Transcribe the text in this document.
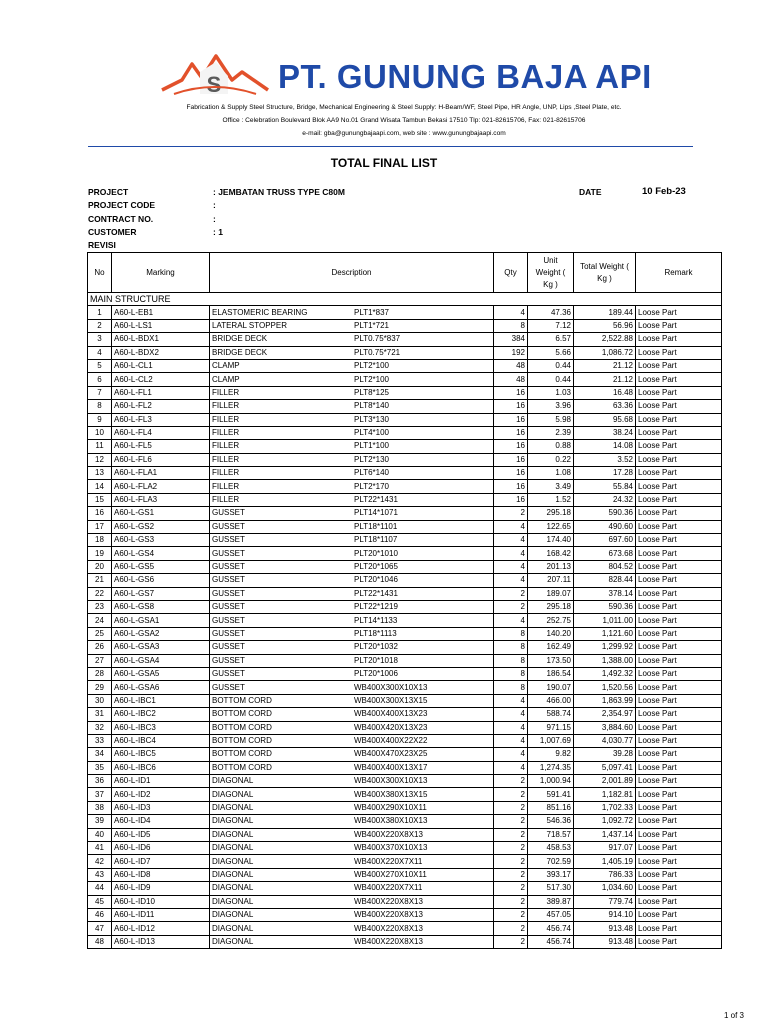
S PT. GUNUNG BAJA API
Fabrication & Supply Steel Structure, Bridge, Mechanical Engineering & Steel Supply: H-Beam/WF, Steel Pipe, HR Angle, UNP, Lips ,Steel Plate, etc.
Office : Celebration Boulevard Blok AA9 No.01 Grand Wisata Tambun Bekasi 17510 Tlp: 021-82615706, Fax: 021-82615706
e-mail: gba@gunungbajaapi.com, web site : www.gunungbajaapi.com
TOTAL FINAL LIST
PROJECT	: JEMBATAN TRUSS TYPE C80M	DATE	10 Feb-23
PROJECT CODE	:
CONTRACT NO.	:
CUSTOMER	: 1
REVISI
No	Marking	Description	Qty	Unit Weight ( Kg )	Total Weight ( Kg )	Remark
MAIN STRUCTURE						
1	A60-L-EB1	ELASTOMERIC BEARING PLT1*837	4	47.36	189.44	Loose Part
2	A60-L-LS1	LATERAL STOPPER PLT1*721	8	7.12	56.96	Loose Part
3	A60-L-BDX1	BRIDGE DECK PLT0.75*837	384	6.57	2,522.88	Loose Part
4	A60-L-BDX2	BRIDGE DECK PLT0.75*721	192	5.66	1,086.72	Loose Part
5	A60-L-CL1	CLAMP PLT2*100	48	0.44	21.12	Loose Part
6	A60-L-CL2	CLAMP PLT2*100	48	0.44	21.12	Loose Part
7	A60-L-FL1	FILLER PLT8*125	16	1.03	16.48	Loose Part
8	A60-L-FL2	FILLER PLT8*140	16	3.96	63.36	Loose Part
9	A60-L-FL3	FILLER PLT3*130	16	5.98	95.68	Loose Part
10	A60-L-FL4	FILLER PLT4*100	16	2.39	38.24	Loose Part
11	A60-L-FL5	FILLER PLT1*100	16	0.88	14.08	Loose Part
12	A60-L-FL6	FILLER PLT2*130	16	0.22	3.52	Loose Part
13	A60-L-FLA1	FILLER PLT6*140	16	1.08	17.28	Loose Part
14	A60-L-FLA2	FILLER PLT2*170	16	3.49	55.84	Loose Part
15	A60-L-FLA3	FILLER PLT22*1431	16	1.52	24.32	Loose Part
16	A60-L-GS1	GUSSET PLT14*1071	2	295.18	590.36	Loose Part
17	A60-L-GS2	GUSSET PLT18*1101	4	122.65	490.60	Loose Part
18	A60-L-GS3	GUSSET PLT18*1107	4	174.40	697.60	Loose Part
19	A60-L-GS4	GUSSET PLT20*1010	4	168.42	673.68	Loose Part
20	A60-L-GS5	GUSSET PLT20*1065	4	201.13	804.52	Loose Part
21	A60-L-GS6	GUSSET PLT20*1046	4	207.11	828.44	Loose Part
22	A60-L-GS7	GUSSET PLT22*1431	2	189.07	378.14	Loose Part
23	A60-L-GS8	GUSSET PLT22*1219	2	295.18	590.36	Loose Part
24	A60-L-GSA1	GUSSET PLT14*1133	4	252.75	1,011.00	Loose Part
25	A60-L-GSA2	GUSSET PLT18*1113	8	140.20	1,121.60	Loose Part
26	A60-L-GSA3	GUSSET PLT20*1032	8	162.49	1,299.92	Loose Part
27	A60-L-GSA4	GUSSET PLT20*1018	8	173.50	1,388.00	Loose Part
28	A60-L-GSA5	GUSSET PLT20*1006	8	186.54	1,492.32	Loose Part
29	A60-L-GSA6	GUSSET WB400X300X10X13	8	190.07	1,520.56	Loose Part
30	A60-L-IBC1	BOTTOM CORD WB400X300X13X15	4	466.00	1,863.99	Loose Part
31	A60-L-IBC2	BOTTOM CORD WB400X400X13X23	4	588.74	2,354.97	Loose Part
32	A60-L-IBC3	BOTTOM CORD WB400X420X13X23	4	971.15	3,884.60	Loose Part
33	A60-L-IBC4	BOTTOM CORD WB400X400X22X22	4	1,007.69	4,030.77	Loose Part
34	A60-L-IBC5	BOTTOM CORD WB400X470X23X25	4	9.82	39.28	Loose Part
35	A60-L-IBC6	BOTTOM CORD WB400X400X13X17	4	1,274.35	5,097.41	Loose Part
36	A60-L-ID1	DIAGONAL WB400X300X10X13	2	1,000.94	2,001.89	Loose Part
37	A60-L-ID2	DIAGONAL WB400X380X13X15	2	591.41	1,182.81	Loose Part
38	A60-L-ID3	DIAGONAL WB400X290X10X11	2	851.16	1,702.33	Loose Part
39	A60-L-ID4	DIAGONAL WB400X380X10X13	2	546.36	1,092.72	Loose Part
40	A60-L-ID5	DIAGONAL WB400X220X8X13	2	718.57	1,437.14	Loose Part
41	A60-L-ID6	DIAGONAL WB400X370X10X13	2	458.53	917.07	Loose Part
42	A60-L-ID7	DIAGONAL WB400X220X7X11	2	702.59	1,405.19	Loose Part
43	A60-L-ID8	DIAGONAL WB400X270X10X11	2	393.17	786.33	Loose Part
44	A60-L-ID9	DIAGONAL WB400X220X7X11	2	517.30	1,034.60	Loose Part
45	A60-L-ID10	DIAGONAL WB400X220X8X13	2	389.87	779.74	Loose Part
46	A60-L-ID11	DIAGONAL WB400X220X8X13	2	457.05	914.10	Loose Part
47	A60-L-ID12	DIAGONAL WB400X220X8X13	2	456.74	913.48	Loose Part
48	A60-L-ID13	DIAGONAL WB400X220X8X13	2	456.74	913.48	Loose Part
1 of 3
